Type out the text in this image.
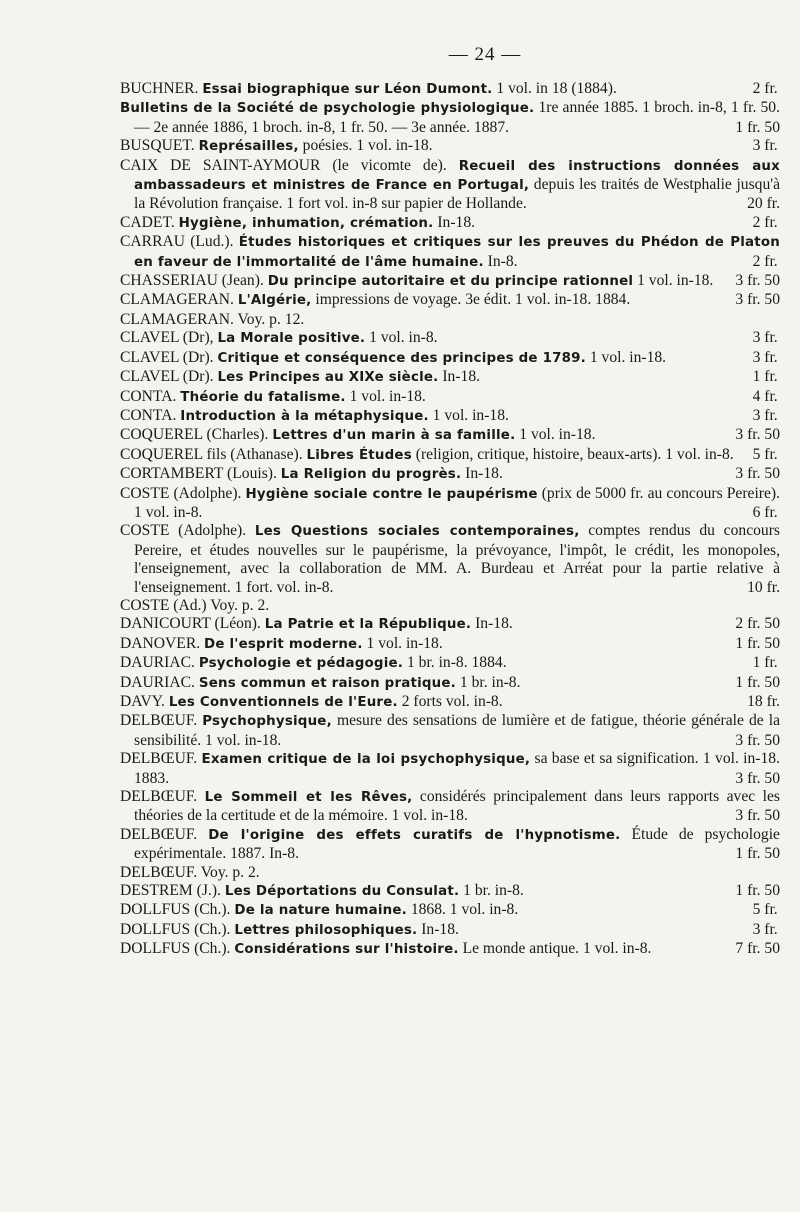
— 24 —

BUCHNER. Essai biographique sur Léon Dumont. 1 vol. in 18 (1884).	2 fr.

Bulletins de la Société de psychologie physiologique. 1re année 1885. 1 broch. in-8, 1 fr. 50. — 2e année 1886, 1 broch. in-8, 1 fr. 50. — 3e année. 1887.	1 fr. 50

BUSQUET. Représailles, poésies. 1 vol. in-18.	3 fr.

CAIX DE SAINT-AYMOUR (le vicomte de). Recueil des instructions données aux ambassadeurs et ministres de France en Portugal, depuis les traités de Westphalie jusqu'à la Révolution française. 1 fort vol. in-8 sur papier de Hollande.	20 fr.

CADET. Hygiène, inhumation, crémation. In-18.	2 fr.

CARRAU (Lud.). Études historiques et critiques sur les preuves du Phédon de Platon en faveur de l'immortalité de l'âme humaine. In-8.	2 fr.

CHASSERIAU (Jean). Du principe autoritaire et du principe rationnel 1 vol. in-18. 3 fr. 50

CLAMAGERAN. L'Algérie, impressions de voyage. 3e édit. 1 vol. in-18. 1884.	3 fr. 50

CLAMAGERAN. Voy. p. 12.

CLAVEL (Dr), La Morale positive. 1 vol. in-8.	3 fr.

CLAVEL (Dr). Critique et conséquence des principes de 1789. 1 vol. in-18.	3 fr.

CLAVEL (Dr). Les Principes au XIXe siècle. In-18.	1 fr.

CONTA. Théorie du fatalisme. 1 vol. in-18.	4 fr.

CONTA. Introduction à la métaphysique. 1 vol. in-18.	3 fr.

COQUEREL (Charles). Lettres d'un marin à sa famille. 1 vol. in-18.	3 fr. 50

COQUEREL fils (Athanase). Libres Études (religion, critique, histoire, beaux-arts). 1 vol. in-8. 5 fr.

CORTAMBERT (Louis). La Religion du progrès. In-18.	3 fr. 50

COSTE (Adolphe). Hygiène sociale contre le paupérisme (prix de 5000 fr. au concours Pereire). 1 vol. in-8.	6 fr.

COSTE (Adolphe). Les Questions sociales contemporaines, comptes rendus du concours Pereire, et études nouvelles sur le paupérisme, la prévoyance, l'impôt, le crédit, les monopoles, l'enseignement, avec la collaboration de MM. A. Burdeau et Arréat pour la partie relative à l'enseignement. 1 fort. vol. in-8.	10 fr.

COSTE (Ad.) Voy. p. 2.

DANICOURT (Léon). La Patrie et la République. In-18.	2 fr. 50

DANOVER. De l'esprit moderne. 1 vol. in-18.	1 fr. 50

DAURIAC. Psychologie et pédagogie. 1 br. in-8. 1884.	1 fr.

DAURIAC. Sens commun et raison pratique. 1 br. in-8.	1 fr. 50

DAVY. Les Conventionnels de l'Eure. 2 forts vol. in-8.	18 fr.

DELBŒUF. Psychophysique, mesure des sensations de lumière et de fatigue, théorie générale de la sensibilité. 1 vol. in-18.	3 fr. 50

DELBŒUF. Examen critique de la loi psychophysique, sa base et sa signification. 1 vol. in-18. 1883.	3 fr. 50

DELBŒUF. Le Sommeil et les Rêves, considérés principalement dans leurs rapports avec les théories de la certitude et de la mémoire. 1 vol. in-18.	3 fr. 50

DELBŒUF. De l'origine des effets curatifs de l'hypnotisme. Étude de psychologie expérimentale. 1887. In-8.	1 fr. 50

DELBŒUF. Voy. p. 2.

DESTREM (J.). Les Déportations du Consulat. 1 br. in-8.	1 fr. 50

DOLLFUS (Ch.). De la nature humaine. 1868. 1 vol. in-8.	5 fr.

DOLLFUS (Ch.). Lettres philosophiques. In-18.	3 fr.

DOLLFUS (Ch.). Considérations sur l'histoire. Le monde antique. 1 vol. in-8.	7 fr. 50
